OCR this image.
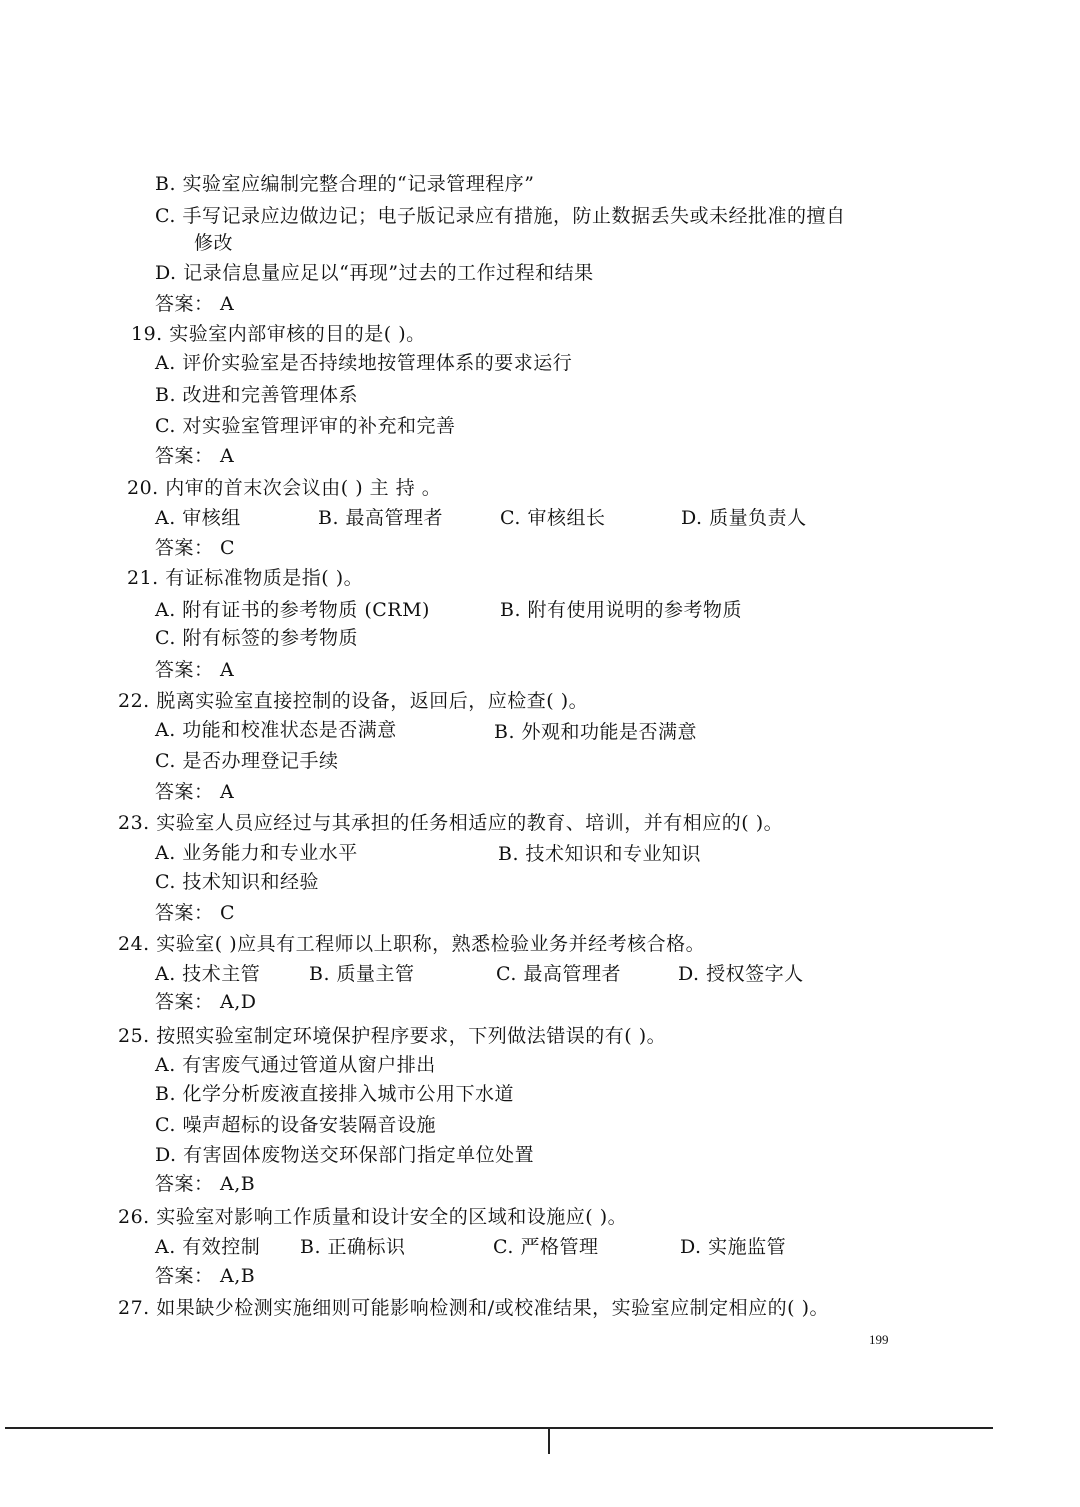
B. 实验室应编制完整合理的“记录管理程序”
C. 手写记录应边做边记；电子版记录应有措施，防止数据丢失或未经批准的擅自
修改
D. 记录信息量应足以“再现”过去的工作过程和结果
答案： A
19. 实验室内部审核的目的是( )。
A. 评价实验室是否持续地按管理体系的要求运行
B. 改进和完善管理体系
C. 对实验室管理评审的补充和完善
答案： A
20. 内审的首末次会议由( ) 主 持 。
A. 审核组	B. 最高管理者	C. 审核组长	D. 质量负责人
答案： C
21. 有证标准物质是指( )。
A. 附有证书的参考物质 (CRM)	B. 附有使用说明的参考物质
C. 附有标签的参考物质
答案： A
22. 脱离实验室直接控制的设备，返回后，应检查( )。
A. 功能和校准状态是否满意	B. 外观和功能是否满意
C. 是否办理登记手续
答案： A
23. 实验室人员应经过与其承担的任务相适应的教育、培训，并有相应的( )。
A. 业务能力和专业水平	B. 技术知识和专业知识
C. 技术知识和经验
答案： C
24. 实验室( )应具有工程师以上职称，熟悉检验业务并经考核合格。
A. 技术主管	B. 质量主管	C. 最高管理者	D. 授权签字人
答案： A,D
25. 按照实验室制定环境保护程序要求，下列做法错误的有( )。
A. 有害废气通过管道从窗户排出
B. 化学分析废液直接排入城市公用下水道
C. 噪声超标的设备安装隔音设施
D. 有害固体废物送交环保部门指定单位处置
答案： A,B
26. 实验室对影响工作质量和设计安全的区域和设施应( )。
A. 有效控制 B. 正确标识	C. 严格管理	D. 实施监管
答案： A,B
27. 如果缺少检测实施细则可能影响检测和/或校准结果，实验室应制定相应的( )。
199
